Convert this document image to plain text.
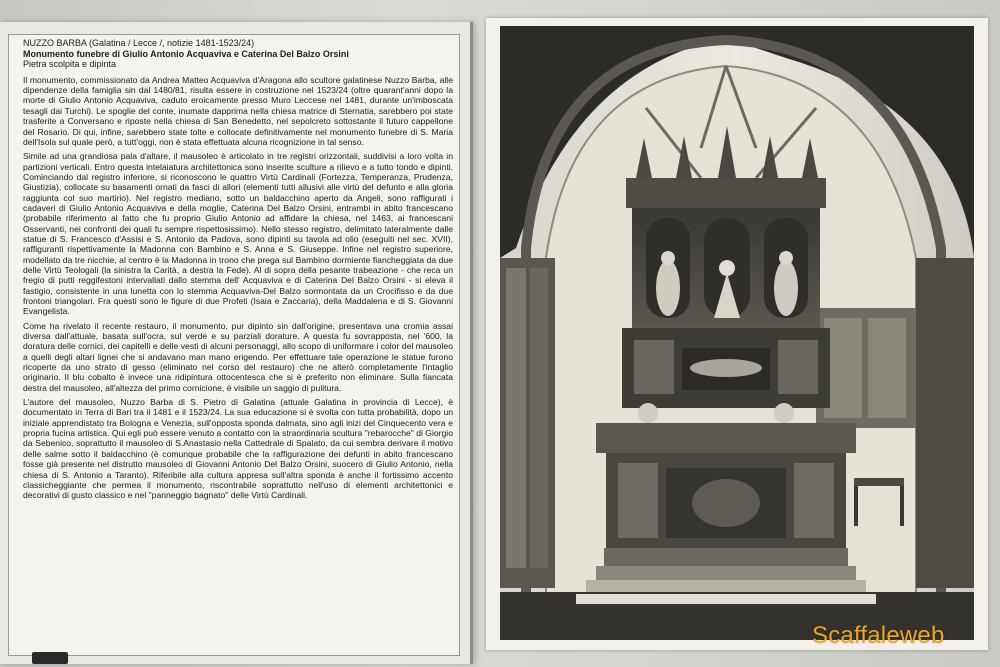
NUZZO BARBA (Galatina / Lecce /, notizie 1481-1523/24)
Monumento funebre di Giulio Antonio Acquaviva e Caterina Del Balzo Orsini
Pietra scolpita e dipinta

Il monumento, commissionato da Andrea Matteo Acquaviva d'Aragona allo scultore galatinese Nuzzo Barba, alle dipendenze della famiglia sin dal 1480/81, risulta essere in costruzione nel 1523/24 (oltre quarant'anni dopo la morte di Giulio Antonio Acquaviva, caduto eroicamente presso Muro Leccese nel 1481, durante un'imboscata tesagli dai Turchi). Le spoglie del conte, inumate dapprima nella chiesa matrice di Sternatia, sarebbero poi state trasferite a Conversano e riposte nella chiesa di San Benedetto, nel sepolcreto sottostante il futuro cappellone del Rosario. Di qui, infine, sarebbero state tolte e collocate definitivamente nel monumento funebre di S. Maria dell'Isola sul quale però, a tutt'oggi, non è stata effettuata alcuna ricognizione in tal senso.

Simile ad una grandiosa pala d'altare, il mausoleo è articolato in tre registri orizzontali, suddivisi a loro volta in partizioni verticali. Entro questa intelaiatura architettonica sono inserite sculture a rilievo e a tutto tondo e dipinti. Cominciando dal registro inferiore, si riconoscono le quattro Virtù Cardinali (Fortezza, Temperanza, Prudenza, Giustizia), collocate su basamenti ornati da fasci di allori (elementi tutti allusivi alle virtù del defunto e alla gloria raggiunta col suo martirio). Nel registro mediano, sotto un baldacchino aperto da Angeli, sono raffigurati i cadaveri di Giulio Antonio Acquaviva e della moglie, Caterina Del Balzo Orsini, entrambi in abito francescano (probabile riferimento al fatto che fu proprio Giulio Antonio ad affidare la chiesa, nel 1463, ai francescani Osservanti, nei confronti dei quali fu sempre rispettosissimo). Nello stesso registro, delimitato lateralmente dalle statue di S. Francesco d'Assisi e S. Antonio da Padova, sono dipinti su tavola ad olio (eseguiti nel sec. XVII), raffiguranti rispettivamente la Madonna con Bambino e S. Anna e S. Giuseppe. Infine nel registro superiore, modellato da tre nicchie, al centro è la Madonna in trono che prega sul Bambino dormiente fiancheggiata da due delle Virtù Teologali (la sinistra la Carità, a destra la Fede). Al di sopra della pesante trabeazione - che reca un fregio di putti reggifestoni intervallati dallo stemma dell' Acquaviva e di Caterina Del Balzo Orsini - si eleva il fastigio, consistente in una lunetta con lo stemma Acquaviva-Del Balzo sormontata da un Crocifisso e da due frontoni triangolari. Fra questi sono le figure di due Profeti (Isaia e Zaccaria), della Maddalena e di S. Giovanni Evangelista.

Come ha rivelato il recente restauro, il monumento, pur dipinto sin dall'origine, presentava una cromia assai diversa dall'attuale, basata sull'ocra, sul verde e su parziali dorature. A questa fu sovrapposta, nel '600, la doratura delle cornici, dei capitelli e delle vesti di alcuni personaggi, allo scopo di uniformare i color del mausoleo a quelli degli altari lignei che si andavano man mano erigendo. Per effettuare tale operazione le statue furono ricoperte da uno strato di gesso (eliminato nel corso del restauro) che ne alterò completamente l'intaglio originario. Il blu cobalto è invece una ridipintura ottocentesca che si è preferito non eliminare. Sulla fiancata destra del mausoleo, all'altezza del primo cornicione, è visibile un saggio di pulitura.

L'autore del mausoleo, Nuzzo Barba di S. Pietro di Galatina (attuale Galatina in provincia di Lecce), è documentato in Terra di Bari tra il 1481 e il 1523/24. La sua educazione si è svolta con tutta probabilità, dopo un iniziale apprendistato tra Bologna e Venezia, sull'opposta sponda dalmata, sino agli inizi del Cinquecento vera e propria fucina artistica. Qui egli può essere venuto a contatto con la straordinaria scultura "rebarocche" di Giorgio da Sebenico, soprattutto il mausoleo di S.Anastasio nella Cattedrale di Spalato, da cui sembra derivare il motivo delle salme sotto il baldacchino (è comunque probabile che la raffigurazione dei defunti in abito francescano fosse già presente nel distrutto mausoleo di Giovanni Antonio Del Balzo Orsini, suocero di Giulio Antonio, nella chiesa di S. Antonio a Taranto). Riferibile alla cultura appresa sull'altra sponda è anche il fortissimo accento classicheggiante che permea il monumento, riscontrabile soprattutto nell'uso di elementi architettonici e decorativi di gusto classico e nel "panneggio bagnato" delle Virtù Cardinali.

Scaffaleweb
